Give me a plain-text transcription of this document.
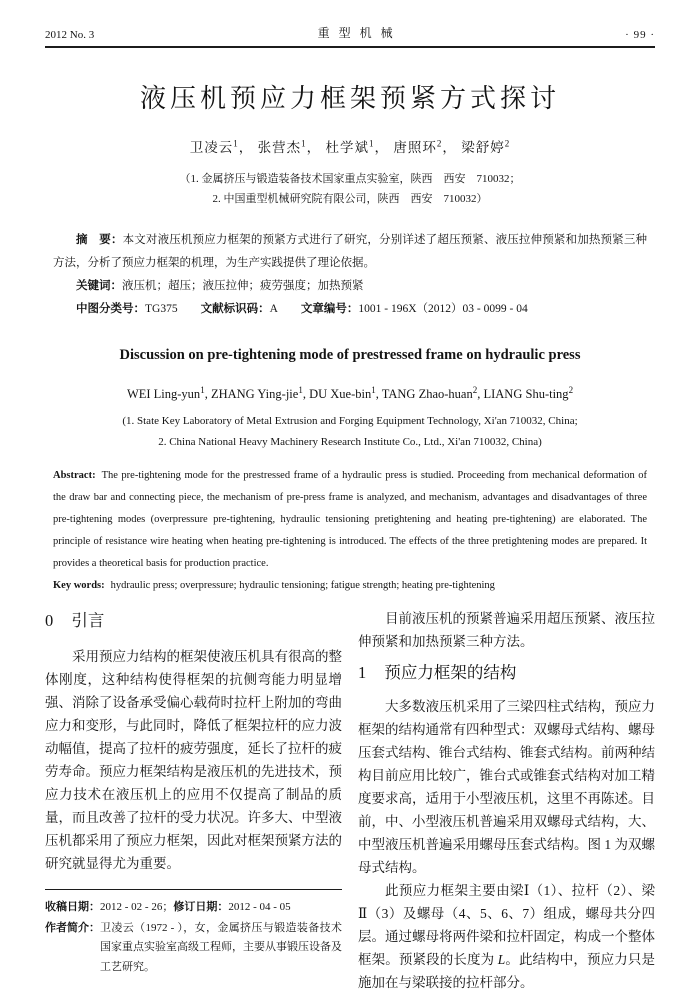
2012 No. 3	重型机械	· 99 ·
液压机预应力框架预紧方式探讨
卫凌云$^1$， 张营杰$^1$， 杜学斌$^1$， 唐照环$^2$， 梁舒婷$^2$
（1. 金属挤压与锻造装备技术国家重点实验室，陕西　西安　710032；
2. 中国重型机械研究院有限公司，陕西　西安　710032）

摘　要：本文对液压机预应力框架的预紧方式进行了研究，分别详述了超压预紧、液压拉伸预紧和加热预紧三种方法，分析了预应力框架的机理，为生产实践提供了理论依据。

关键词：液压机；超压；液压拉伸；疲劳强度；加热预紧

中图分类号：TG375 文献标识码：A 文章编号：1001 - 196X（2012）03 - 0099 - 04

Discussion on pre-tightening mode of prestressed frame on hydraulic press
WEI Ling-yun$^1$, ZHANG Ying-jie$^1$, DU Xue-bin$^1$, TANG Zhao-huan$^2$, LIANG Shu-ting$^2$
(1. State Key Laboratory of Metal Extrusion and Forging Equipment Technology, Xi'an 710032, China;
2. China National Heavy Machinery Research Institute Co., Ltd., Xi'an 710032, China)

Abstract: The pre-tightening mode for the prestressed frame of a hydraulic press is studied. Proceeding from mechanical deformation of the draw bar and connecting piece, the mechanism of pre-press frame is analyzed, and mechanism, advantages and disadvantages of three pre-tightening modes (overpressure pre-tightening, hydraulic tensioning pretightening and heating pre-tightening) are elaborated. The principle of resistance wire heating when heating pre-tightening is introduced. The effects of the three pretightening modes are prepared. It provides a theoretical basis for production practice.

Key words: hydraulic press; overpressure; hydraulic tensioning; fatigue strength; heating pre-tightening

0 引言

采用预应力结构的框架使液压机具有很高的整体刚度，这种结构使得框架的抗侧弯能力明显增强、消除了设备承受偏心载荷时拉杆上附加的弯曲应力和变形，与此同时，降低了框架拉杆的应力波动幅值，提高了拉杆的疲劳强度，延长了拉杆的疲劳寿命。预应力框架结构是液压机的先进技术，预应力技术在液压机上的应用不仅提高了制品的质量，而且改善了拉杆的受力状况。许多大、中型液压机都采用了预应力框架，因此对框架预紧方法的研究就显得尤为重要。

收稿日期：2012 - 02 - 26；修订日期：2012 - 04 - 05
作者简介： 卫凌云（1972 - ），女，金属挤压与锻造装备技术国家重点实验室高级工程师，主要从事锻压设备及工艺研究。

目前液压机的预紧普遍采用超压预紧、液压拉伸预紧和加热预紧三种方法。

1 预应力框架的结构

大多数液压机采用了三梁四柱式结构，预应力框架的结构通常有四种型式：双螺母式结构、螺母压套式结构、锥台式结构、锥套式结构。前两种结构目前应用比较广，锥台式或锥套式结构对加工精度要求高，适用于小型液压机，这里不再陈述。目前，中、小型液压机普遍采用双螺母式结构，大、中型液压机普遍采用螺母压套式结构。图 1 为双螺母式结构。

此预应力框架主要由梁Ⅰ（1）、拉杆（2）、梁Ⅱ（3）及螺母（4、5、6、7）组成，螺母共分四层。通过螺母将两件梁和拉杆固定，构成一个整体框架。预紧段的长度为 L。此结构中，预应力只是施加在与梁联接的拉杆部分。
